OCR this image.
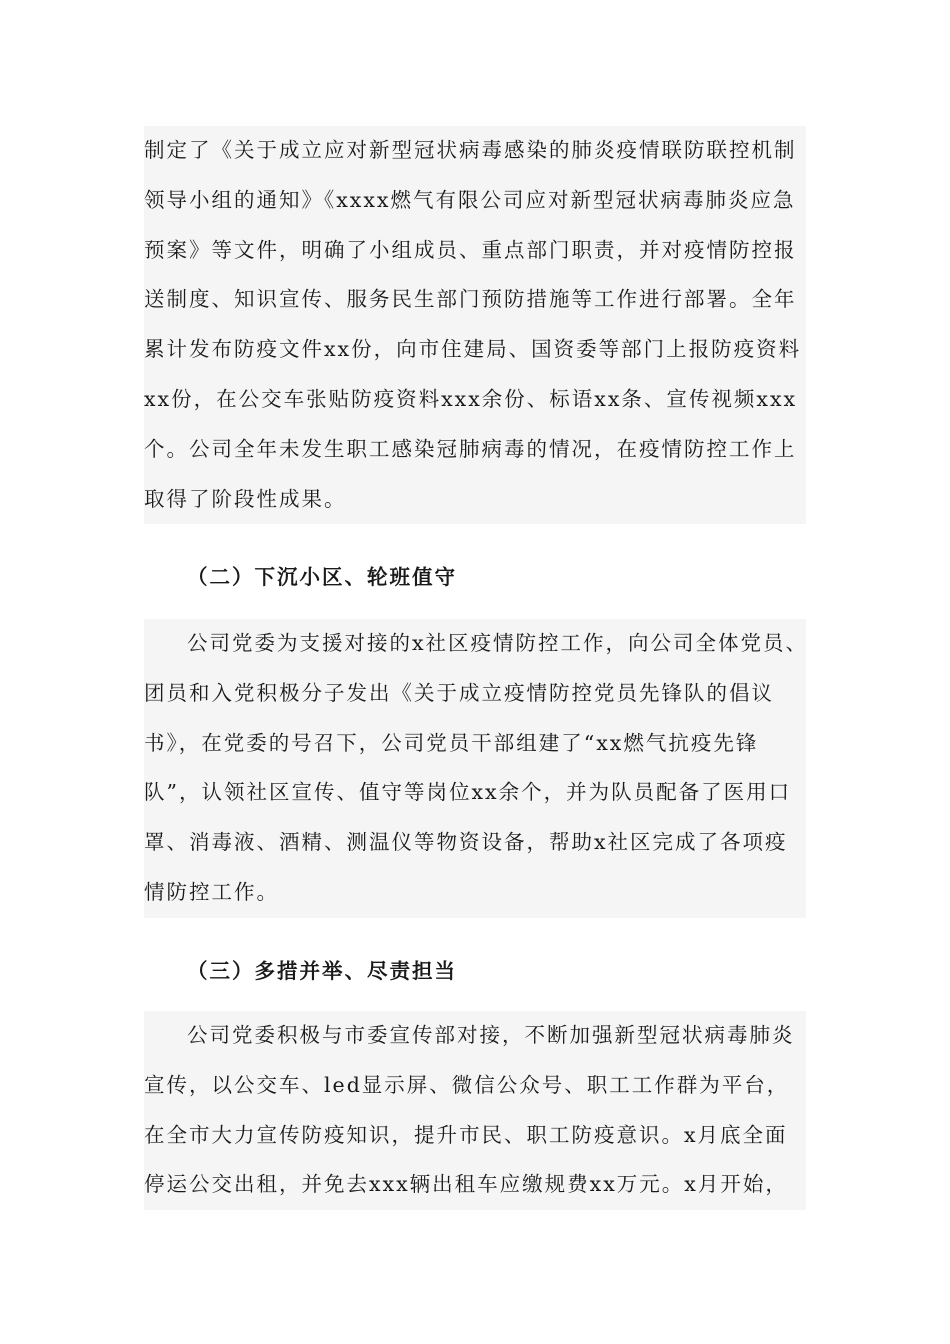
制定了《关于成立应对新型冠状病毒感染的肺炎疫情联防联控机制
领导小组的通知》《xxxx燃气有限公司应对新型冠状病毒肺炎应急
预案》等文件，明确了小组成员、重点部门职责，并对疫情防控报
送制度、知识宣传、服务民生部门预防措施等工作进行部署。全年
累计发布防疫文件xx份，向市住建局、国资委等部门上报防疫资料
xx份，在公交车张贴防疫资料xxx余份、标语xx条、宣传视频xxx
个。公司全年未发生职工感染冠肺病毒的情况，在疫情防控工作上
取得了阶段性成果。
（二）下沉小区、轮班值守
公司党委为支援对接的x社区疫情防控工作，向公司全体党员、
团员和入党积极分子发出《关于成立疫情防控党员先锋队的倡议
书》，在党委的号召下，公司党员干部组建了“xx燃气抗疫先锋
队”，认领社区宣传、值守等岗位xx余个，并为队员配备了医用口
罩、消毒液、酒精、测温仪等物资设备，帮助x社区完成了各项疫
情防控工作。
（三）多措并举、尽责担当
公司党委积极与市委宣传部对接，不断加强新型冠状病毒肺炎
宣传，以公交车、led显示屏、微信公众号、职工工作群为平台，
在全市大力宣传防疫知识，提升市民、职工防疫意识。x月底全面
停运公交出租，并免去xxx辆出租车应缴规费xx万元。x月开始，
